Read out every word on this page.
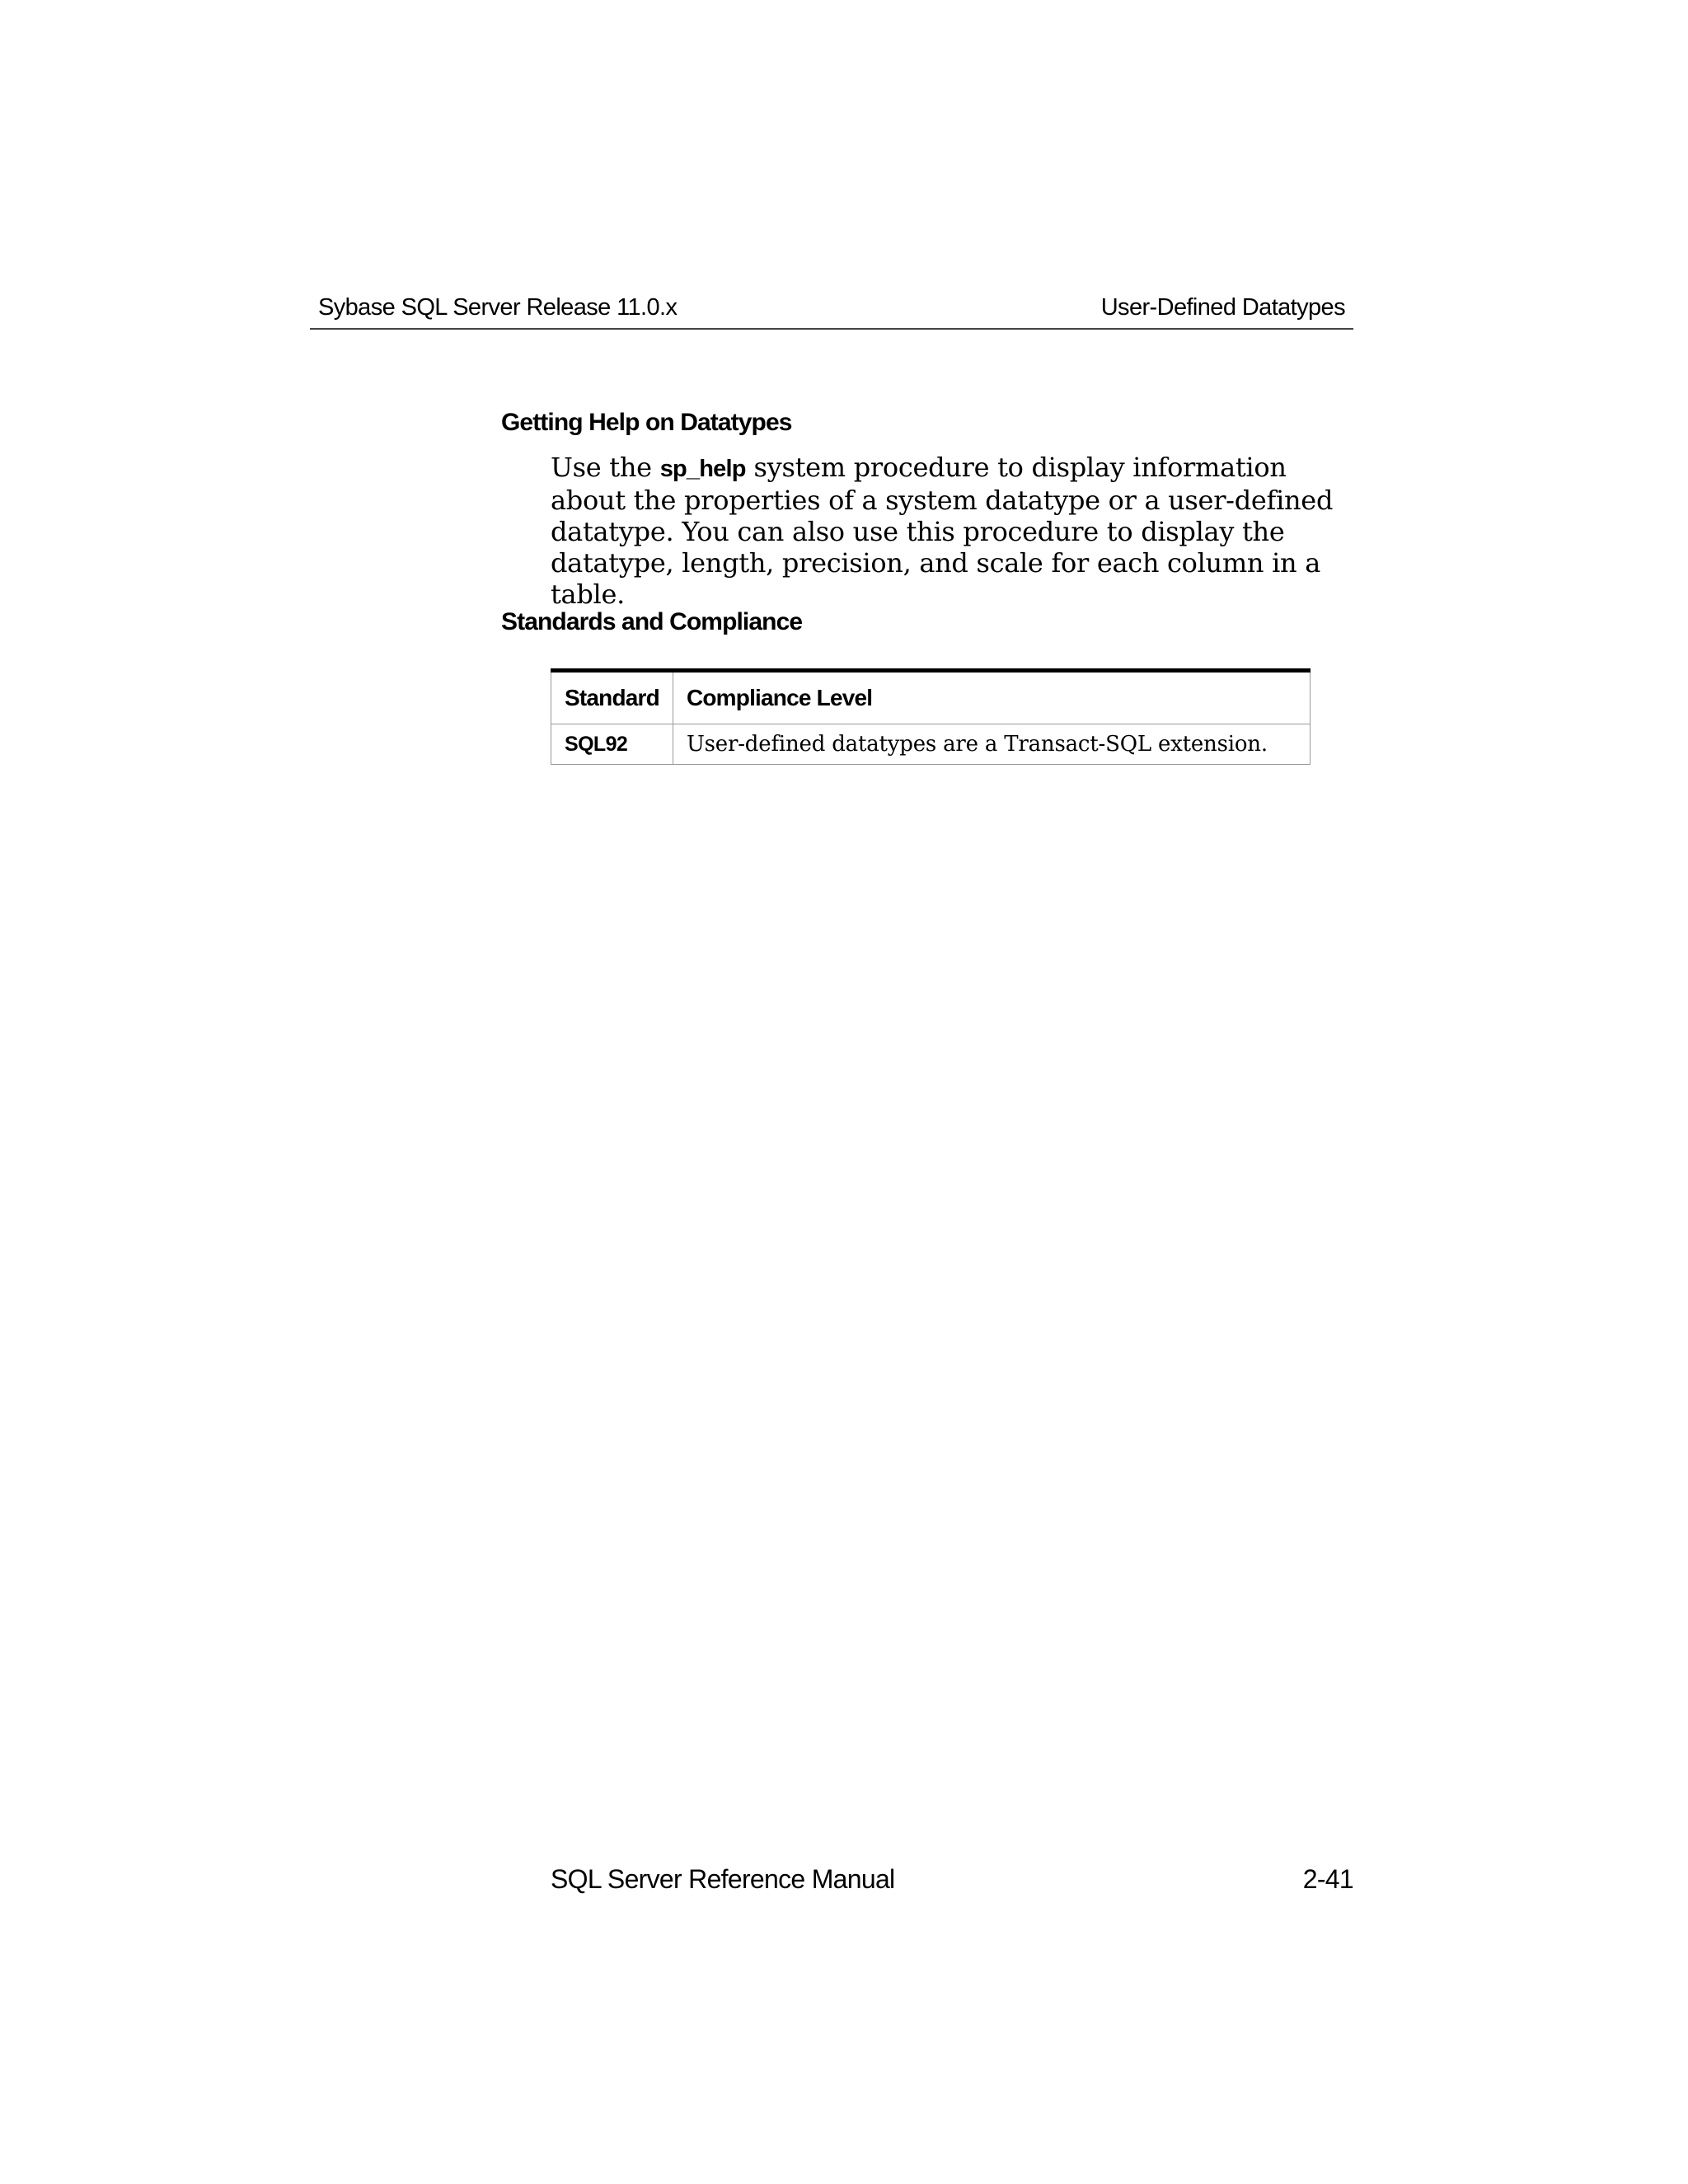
Sybase SQL Server Release 11.0.x	User-Defined Datatypes
Getting Help on Datatypes

Use the sp_help system procedure to display information about the properties of a system datatype or a user-defined datatype. You can also use this procedure to display the datatype, length, precision, and scale for each column in a table.

Standards and Compliance
Standard	Compliance Level
SQL92	User-defined datatypes are a Transact-SQL extension.
SQL Server Reference Manual	2-41
